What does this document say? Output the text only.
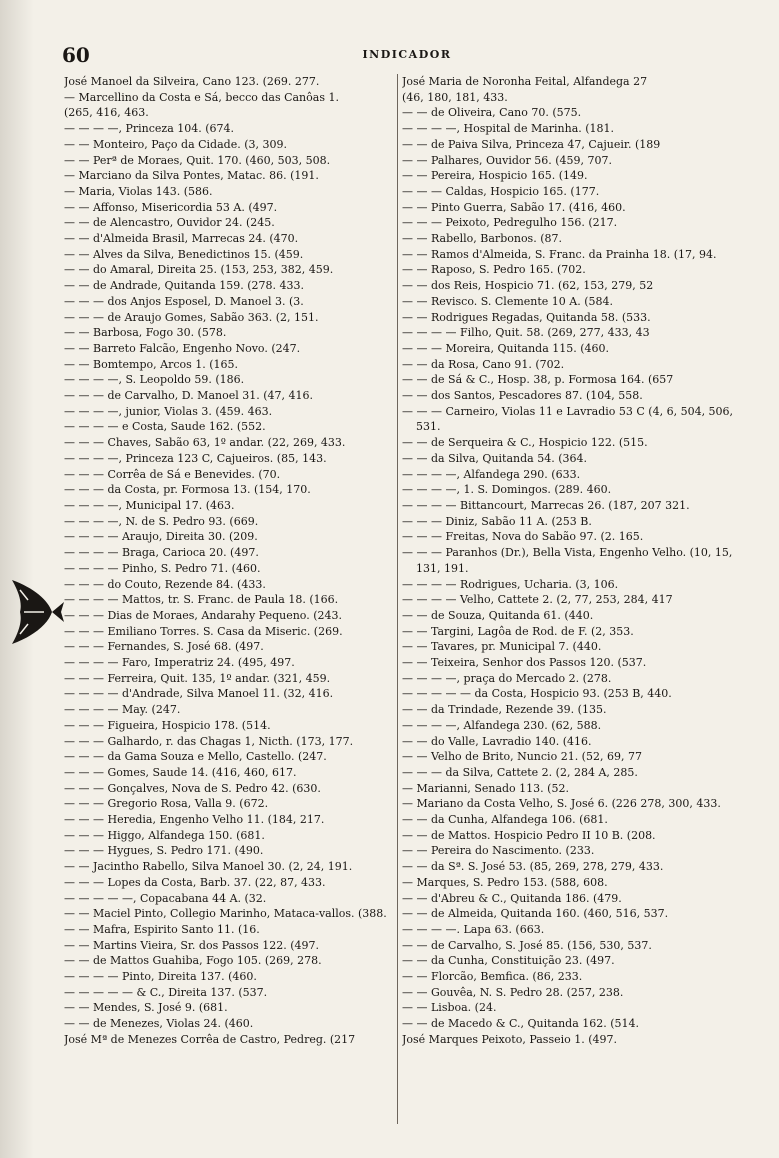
60	INDICADOR
José Manoel da Silveira, Cano 123. (269. 277.
— Marcellino da Costa e Sá, becco das Canôas 1.
(265, 416, 463.
— — — —, Princeza 104. (674.
— — Monteiro, Paço da Cidade. (3, 309.
— — Perª de Moraes, Quit. 170. (460, 503, 508.
— Marciano da Silva Pontes, Matac. 86. (191.
— Maria, Violas 143. (586.
— — Affonso, Misericordia 53 A. (497.
— — de Alencastro, Ouvidor 24. (245.
— — d'Almeida Brasil, Marrecas 24. (470.
— — Alves da Silva, Benedictinos 15. (459.
— — do Amaral, Direita 25. (153, 253, 382, 459.
— — de Andrade, Quitanda 159. (278. 433.
— — — dos Anjos Esposel, D. Manoel 3. (3.
— — — de Araujo Gomes, Sabão 363. (2, 151.
— — Barbosa, Fogo 30. (578.
— — Barreto Falcão, Engenho Novo. (247.
— — Bomtempo, Arcos 1. (165.
— — — —, S. Leopoldo 59. (186.
— — — de Carvalho, D. Manoel 31. (47, 416.
— — — —, junior, Violas 3. (459. 463.
— — — — e Costa, Saude 162. (552.
— — — Chaves, Sabão 63, 1º andar. (22, 269, 433.
— — — —, Princeza 123 C, Cajueiros. (85, 143.
— — — Corrêa de Sá e Benevides. (70.
— — — da Costa, pr. Formosa 13. (154, 170.
— — — —, Municipal 17. (463.
— — — —, N. de S. Pedro 93. (669.
— — — — Araujo, Direita 30. (209.
— — — — Braga, Carioca 20. (497.
— — — — Pinho, S. Pedro 71. (460.
— — — do Couto, Rezende 84. (433.
— — — — Mattos, tr. S. Franc. de Paula 18. (166.
— — — Dias de Moraes, Andarahy Pequeno. (243.
— — — Emiliano Torres. S. Casa da Miseric. (269.
— — — Fernandes, S. José 68. (497.
— — — — Faro, Imperatriz 24. (495, 497.
— — — Ferreira, Quit. 135, 1º andar. (321, 459.
— — — — d'Andrade, Silva Manoel 11. (32, 416.
— — — — May. (247.
— — — Figueira, Hospicio 178. (514.
— — — Galhardo, r. das Chagas 1, Nicth. (173, 177.
— — — da Gama Souza e Mello, Castello. (247.
— — — Gomes, Saude 14. (416, 460, 617.
— — — Gonçalves, Nova de S. Pedro 42. (630.
— — — Gregorio Rosa, Valla 9. (672.
— — — Heredia, Engenho Velho 11. (184, 217.
— — — Higgo, Alfandega 150. (681.
— — — Hygues, S. Pedro 171. (490.
— — Jacintho Rabello, Silva Manoel 30. (2, 24, 191.
— — — Lopes da Costa, Barb. 37. (22, 87, 433.
— — — — —, Copacabana 44 A. (32.
— — Maciel Pinto, Collegio Marinho, Mataca-vallos. (388.
— — Mafra, Espirito Santo 11. (16.
— — Martins Vieira, Sr. dos Passos 122. (497.
— — de Mattos Guahiba, Fogo 105. (269, 278.
— — — — Pinto, Direita 137. (460.
— — — — — & C., Direita 137. (537.
— — Mendes, S. José 9. (681.
— — de Menezes, Violas 24. (460.
José Mª de Menezes Corrêa de Castro, Pedreg. (217
José Maria de Noronha Feital, Alfandega 27
(46, 180, 181, 433.
— — de Oliveira, Cano 70. (575.
— — — —, Hospital de Marinha. (181.
— — de Paiva Silva, Princeza 47, Cajueir. (189
— — Palhares, Ouvidor 56. (459, 707.
— — Pereira, Hospicio 165. (149.
— — — Caldas, Hospicio 165. (177.
— — Pinto Guerra, Sabão 17. (416, 460.
— — — Peixoto, Pedregulho 156. (217.
— — Rabello, Barbonos. (87.
— — Ramos d'Almeida, S. Franc. da Prainha 18. (17, 94.
— — Raposo, S. Pedro 165. (702.
— — dos Reis, Hospicio 71. (62, 153, 279, 52
— — Revisco. S. Clemente 10 A. (584.
— — Rodrigues Regadas, Quitanda 58. (533.
— — — — Filho, Quit. 58. (269, 277, 433, 43
— — — Moreira, Quitanda 115. (460.
— — da Rosa, Cano 91. (702.
— — de Sá & C., Hosp. 38, p. Formosa 164. (657
— — dos Santos, Pescadores 87. (104, 558.
— — — Carneiro, Violas 11 e Lavradio 53 C (4, 6, 504, 506, 531.
— — de Serqueira & C., Hospicio 122. (515.
— — da Silva, Quitanda 54. (364.
— — — —, Alfandega 290. (633.
— — — —, 1. S. Domingos. (289. 460.
— — — — Bittancourt, Marrecas 26. (187, 207 321.
— — — Diniz, Sabão 11 A. (253 B.
— — — Freitas, Nova do Sabão 97. (2. 165.
— — — Paranhos (Dr.), Bella Vista, Engenho Velho. (10, 15, 131, 191.
— — — — Rodrigues, Ucharia. (3, 106.
— — — — Velho, Cattete 2. (2, 77, 253, 284, 417
— — de Souza, Quitanda 61. (440.
— — Targini, Lagôa de Rod. de F. (2, 353.
— — Tavares, pr. Municipal 7. (440.
— — Teixeira, Senhor dos Passos 120. (537.
— — — —, praça do Mercado 2. (278.
— — — — — da Costa, Hospicio 93. (253 B, 440.
— — da Trindade, Rezende 39. (135.
— — — —, Alfandega 230. (62, 588.
— — do Valle, Lavradio 140. (416.
— — Velho de Brito, Nuncio 21. (52, 69, 77
— — — da Silva, Cattete 2. (2, 284 A, 285.
— Marianni, Senado 113. (52.
— Mariano da Costa Velho, S. José 6. (226 278, 300, 433.
— — da Cunha, Alfandega 106. (681.
— — de Mattos. Hospicio Pedro II 10 B. (208.
— — Pereira do Nascimento. (233.
— — da Sª. S. José 53. (85, 269, 278, 279, 433.
— Marques, S. Pedro 153. (588, 608.
— — d'Abreu & C., Quitanda 186. (479.
— — de Almeida, Quitanda 160. (460, 516, 537.
— — — —. Lapa 63. (663.
— — de Carvalho, S. José 85. (156, 530, 537.
— — da Cunha, Constituição 23. (497.
— — Florcão, Bemfica. (86, 233.
— — Gouvêa, N. S. Pedro 28. (257, 238.
— — Lisboa. (24.
— — de Macedo & C., Quitanda 162. (514.
José Marques Peixoto, Passeio 1. (497.
